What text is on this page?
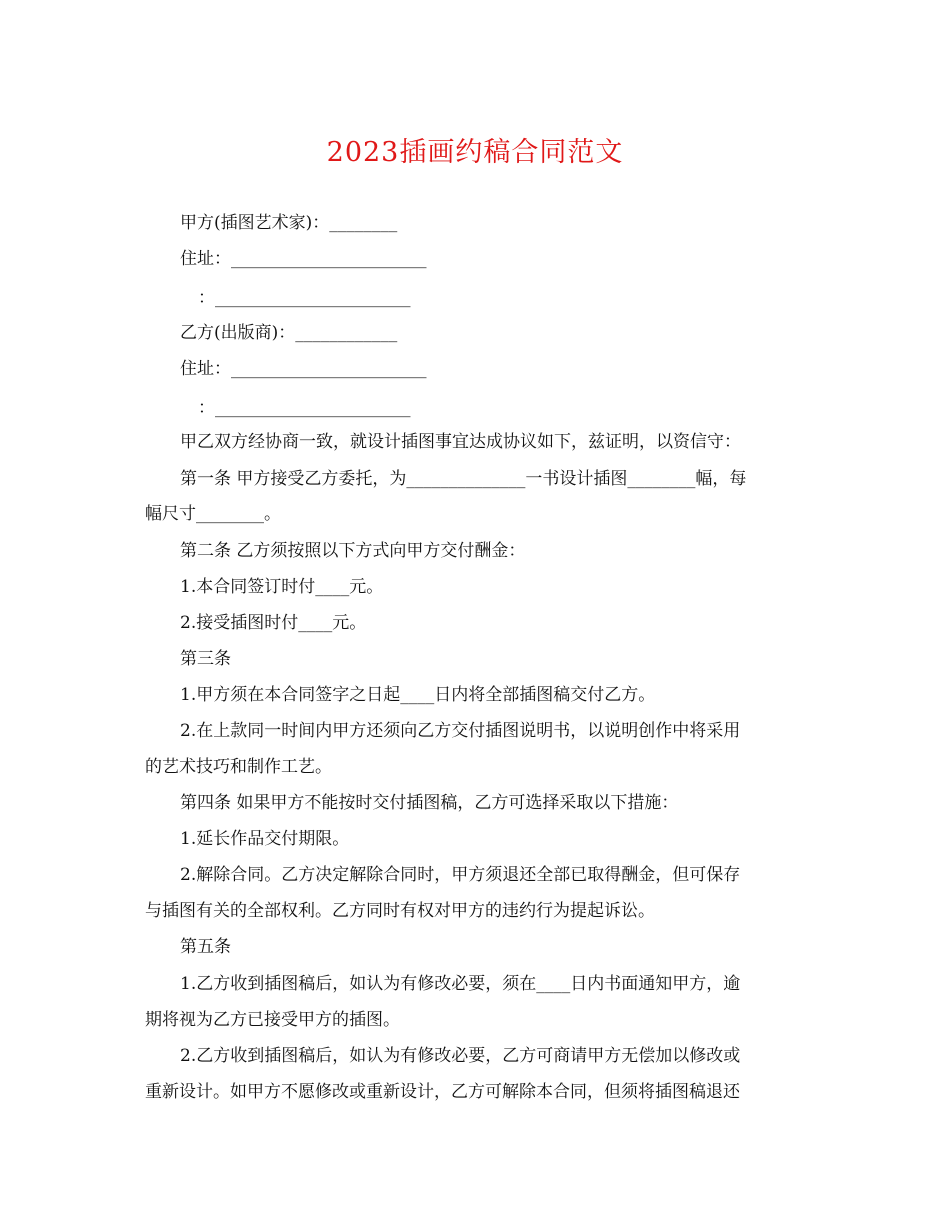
2023插画约稿合同范文
甲方(插图艺术家)：________
住址：_______________________
：_______________________
乙方(出版商)：____________
住址：_______________________
：_______________________
甲乙双方经协商一致，就设计插图事宜达成协议如下，兹证明，以资信守：
第一条 甲方接受乙方委托，为______________一书设计插图________幅，每
幅尺寸________。
第二条 乙方须按照以下方式向甲方交付酬金：
1.本合同签订时付____元。
2.接受插图时付____元。
第三条
1.甲方须在本合同签字之日起____日内将全部插图稿交付乙方。
2.在上款同一时间内甲方还须向乙方交付插图说明书，以说明创作中将采用
的艺术技巧和制作工艺。
第四条 如果甲方不能按时交付插图稿，乙方可选择采取以下措施：
1.延长作品交付期限。
2.解除合同。乙方决定解除合同时，甲方须退还全部已取得酬金，但可保存
与插图有关的全部权利。乙方同时有权对甲方的违约行为提起诉讼。
第五条
1.乙方收到插图稿后，如认为有修改必要，须在____日内书面通知甲方，逾
期将视为乙方已接受甲方的插图。
2.乙方收到插图稿后，如认为有修改必要，乙方可商请甲方无偿加以修改或
重新设计。如甲方不愿修改或重新设计，乙方可解除本合同，但须将插图稿退还
